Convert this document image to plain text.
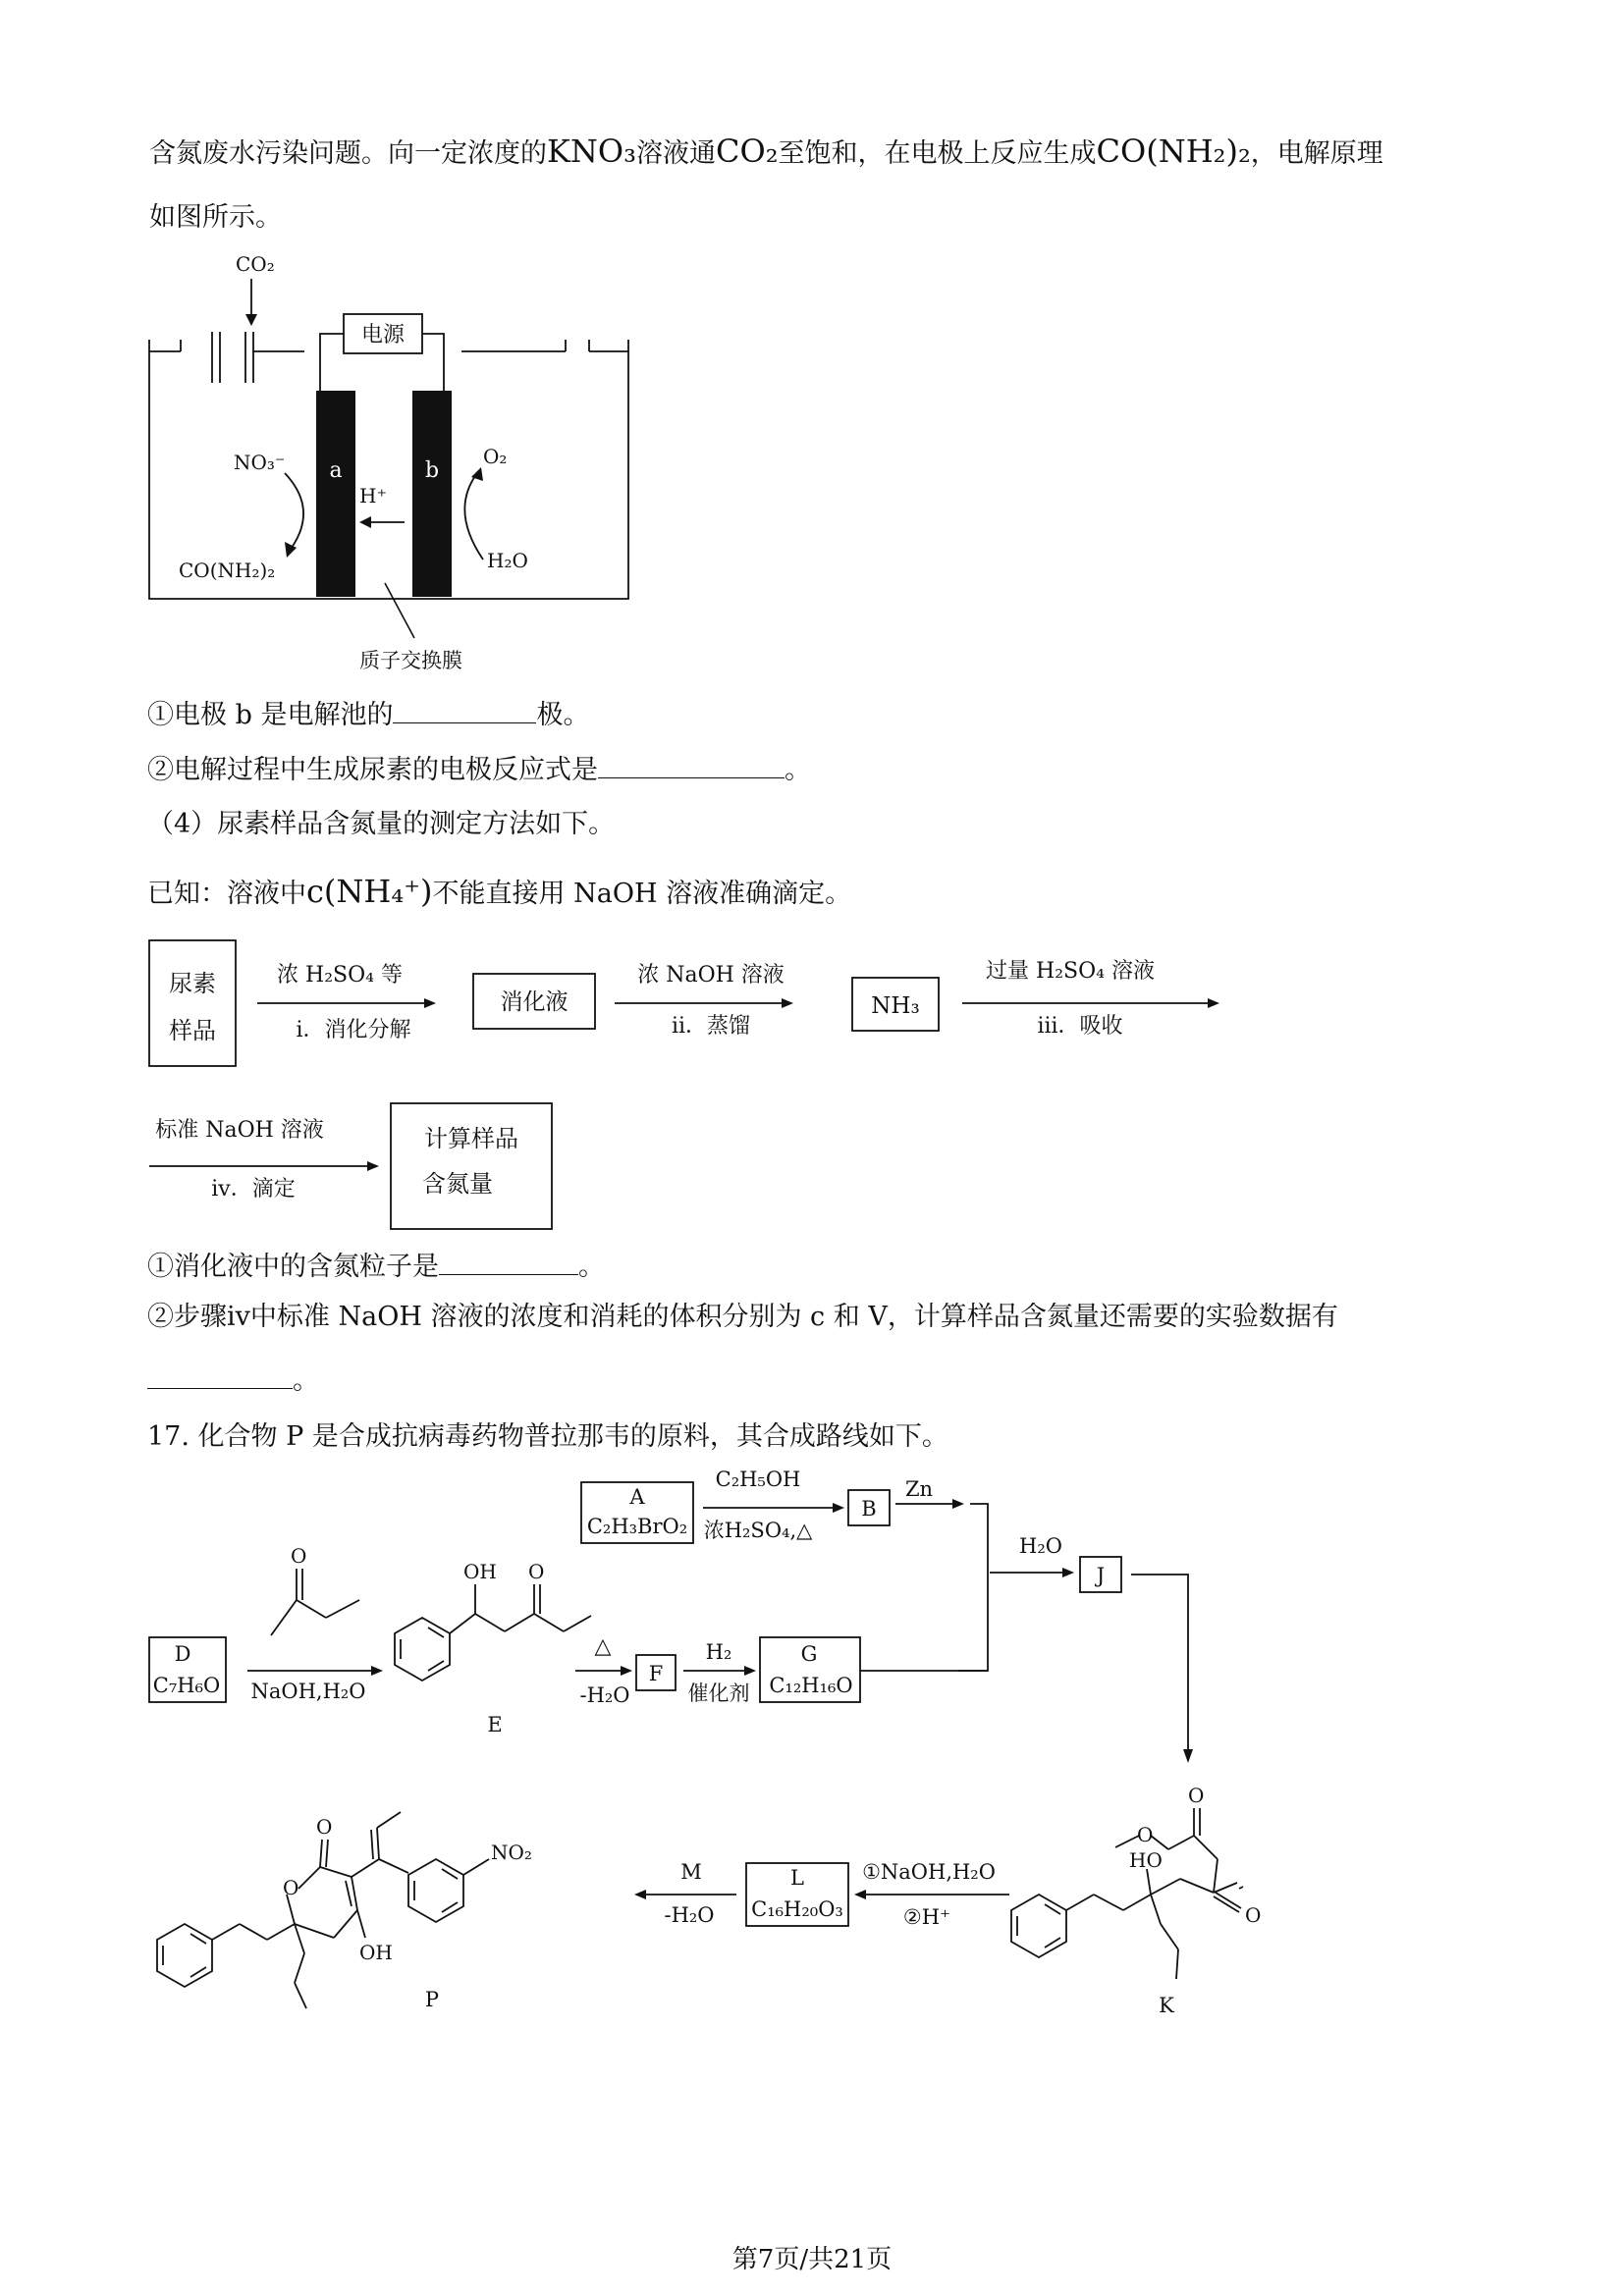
含氮废水污染问题。向一定浓度的KNO₃溶液通CO₂至饱和，在电极上反应生成CO(NH₂)₂，电解原理
如图所示。
CO₂
电源
a	b
H⁺
NO₃⁻
CO(NH₂)₂
O₂
H₂O
质子交换膜
①电极 b 是电解池的	极。
②电解过程中生成尿素的电极反应式是	。
（4）尿素样品含氮量的测定方法如下。
已知：溶液中c(NH₄⁺)不能直接用 NaOH 溶液准确滴定。
尿素
样品
浓 H₂SO₄ 等
i．消化分解
消化液
浓 NaOH 溶液
ii．蒸馏
NH₃
过量 H₂SO₄ 溶液
iii．吸收
标准 NaOH 溶液
iv．滴定
计算样品
含氮量
①消化液中的含氮粒子是	。
②步骤ⅳ中标准 NaOH 溶液的浓度和消耗的体积分别为 c 和 V，计算样品含氮量还需要的实验数据有
。
17. 化合物 P 是合成抗病毒药物普拉那韦的原料，其合成路线如下。
A
C₂H₃BrO₂
C₂H₅OH
浓H₂SO₄,△
B
Zn
H₂O
J
D
C₇H₆O
O
NaOH,H₂O
OH O
E
△
-H₂O
F
H₂
催化剂
G
C₁₂H₁₆O
O
O
O
HO
K
①NaOH,H₂O
②H⁺
L
C₁₆H₂₀O₃
M
-H₂O
O
O
OH
NO₂
P
第7页/共21页
